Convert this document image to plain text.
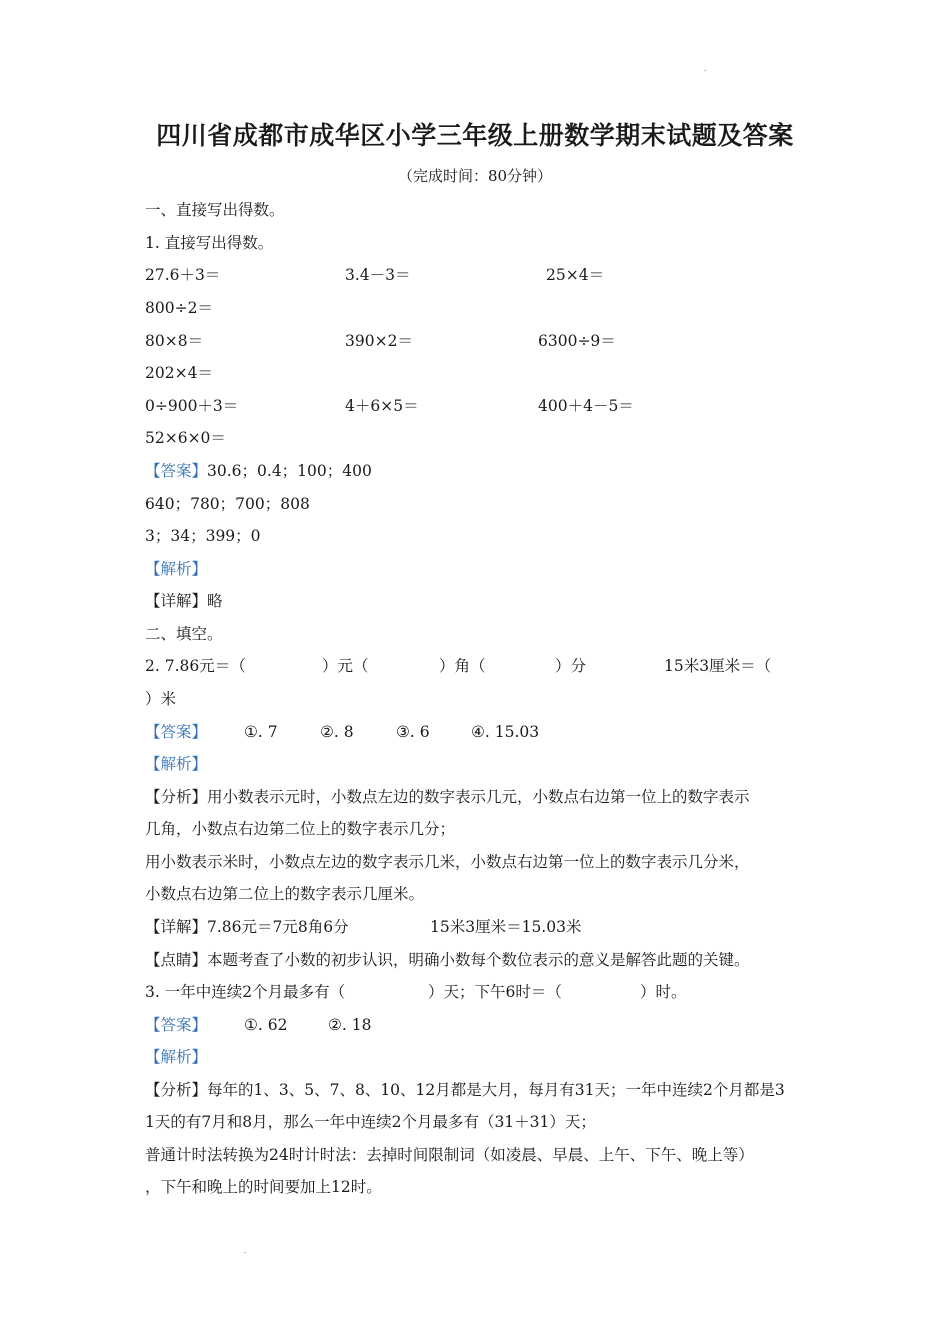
四川省成都市成华区小学三年级上册数学期末试题及答案
（完成时间：80分钟）
一、直接写出得数。
1. 直接写出得数。
27.6＋3＝	3.4－3＝	25×4＝
800÷2＝
80×8＝	390×2＝	6300÷9＝
202×4＝
0÷900＋3＝	4＋6×5＝	400＋4－5＝
52×6×0＝
【答案】30.6；0.4；100；400
640；780；700；808
3；34；399；0
【解析】
【详解】略
二、填空。
2. 7.86元＝（	）元（	）角（	）分	15米3厘米＝（
）米
【答案】 ①. 7	②. 8	③. 6	④. 15.03
【解析】
【分析】用小数表示元时，小数点左边的数字表示几元，小数点右边第一位上的数字表示
几角，小数点右边第二位上的数字表示几分；
用小数表示米时，小数点左边的数字表示几米，小数点右边第一位上的数字表示几分米，
小数点右边第二位上的数字表示几厘米。
【详解】7.86元＝7元8角6分	15米3厘米＝15.03米
【点睛】本题考查了小数的初步认识，明确小数每个数位表示的意义是解答此题的关键。
3. 一年中连续2个月最多有（	）天；下午6时＝（	）时。
【答案】 ①. 62	②. 18
【解析】
【分析】每年的1、3、5、7、8、10、12月都是大月，每月有31天；一年中连续2个月都是3
1天的有7月和8月，那么一年中连续2个月最多有（31＋31）天；
普通计时法转换为24时计时法：去掉时间限制词（如凌晨、早晨、上午、下午、晚上等）
，下午和晚上的时间要加上12时。
